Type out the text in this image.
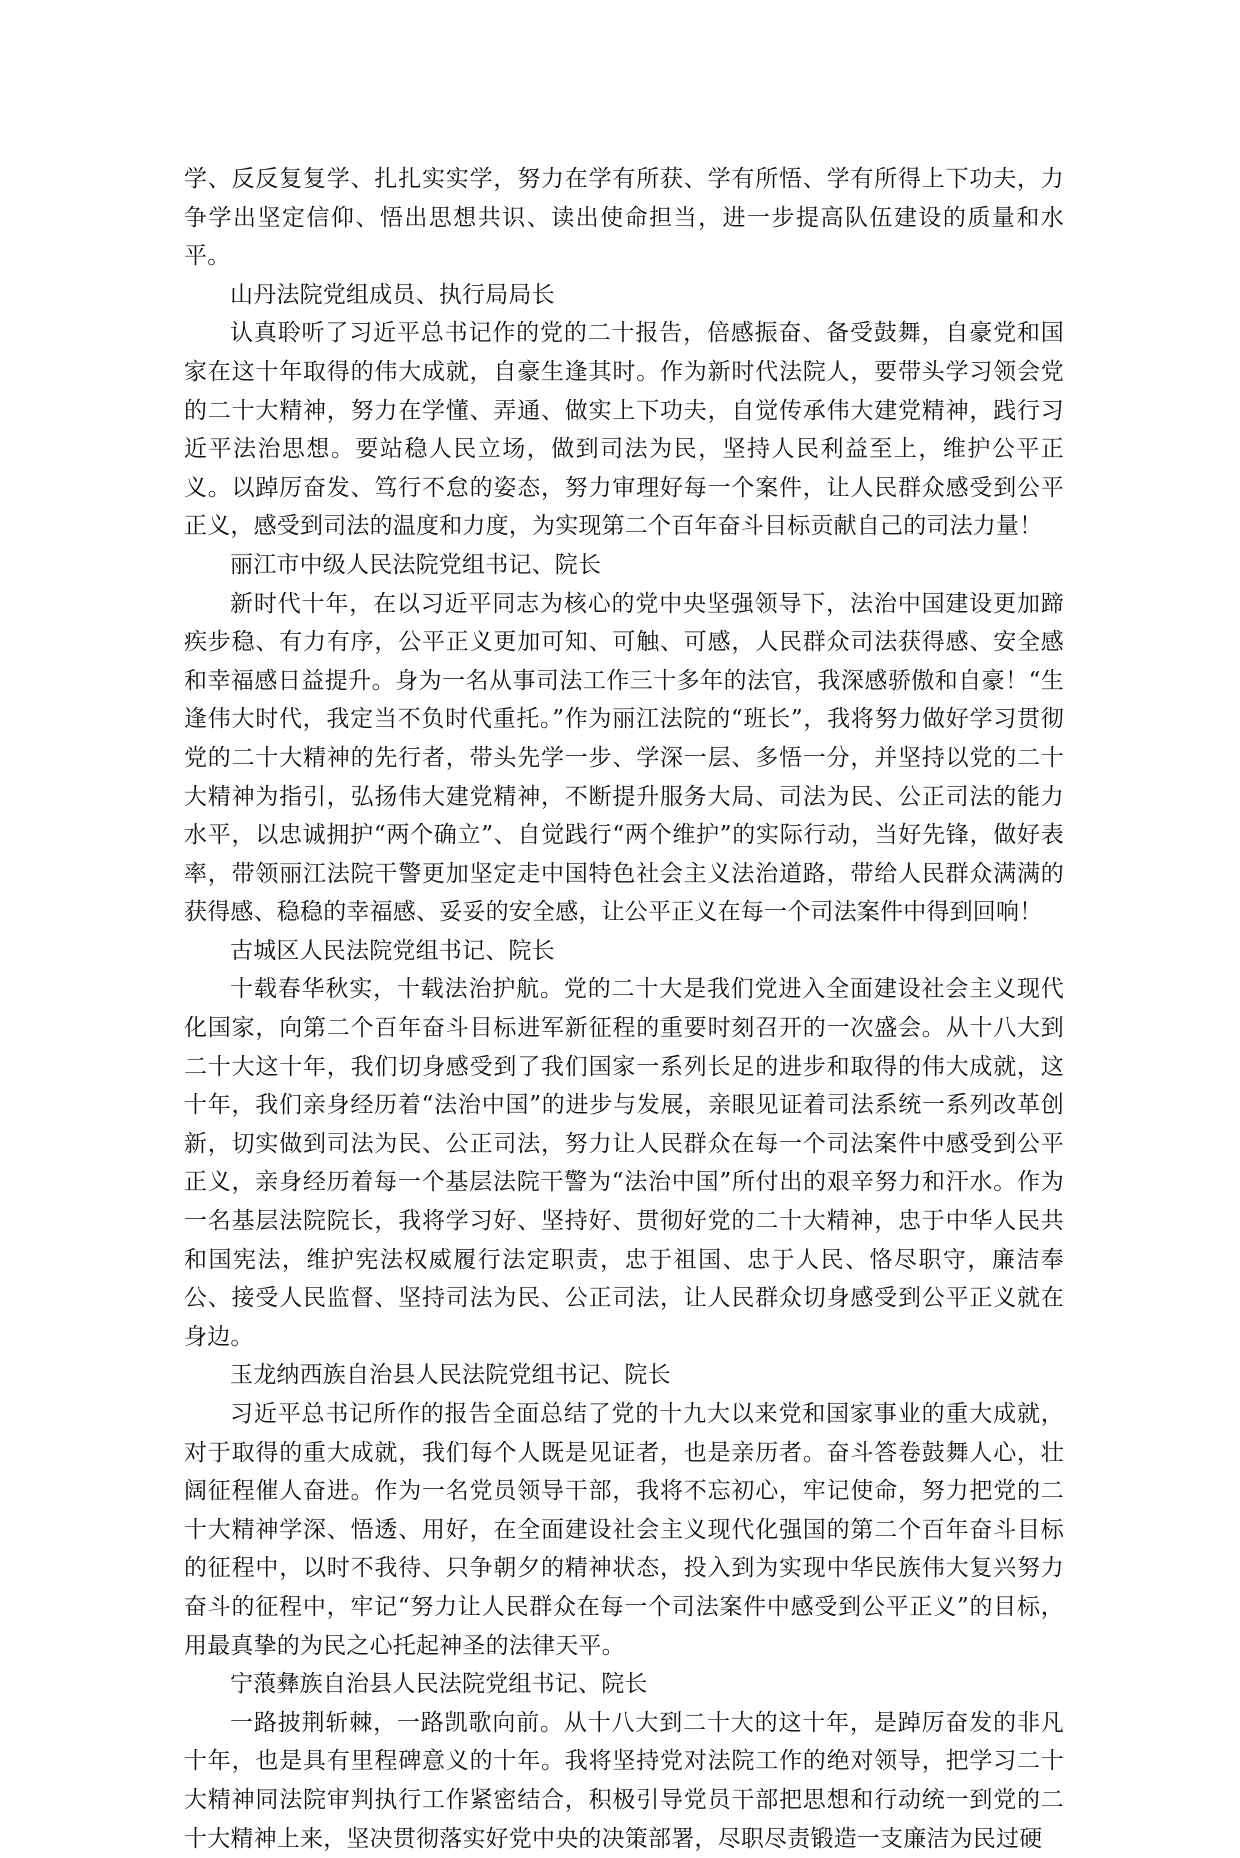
学、反反复复学、扎扎实实学，努力在学有所获、学有所悟、学有所得上下功夫，力争学出坚定信仰、悟出思想共识、读出使命担当，进一步提高队伍建设的质量和水平。

山丹法院党组成员、执行局局长

认真聆听了习近平总书记作的党的二十报告，倍感振奋、备受鼓舞，自豪党和国家在这十年取得的伟大成就，自豪生逢其时。作为新时代法院人，要带头学习领会党的二十大精神，努力在学懂、弄通、做实上下功夫，自觉传承伟大建党精神，践行习近平法治思想。要站稳人民立场，做到司法为民，坚持人民利益至上，维护公平正义。以踔厉奋发、笃行不怠的姿态，努力审理好每一个案件，让人民群众感受到公平正义，感受到司法的温度和力度，为实现第二个百年奋斗目标贡献自己的司法力量！

丽江市中级人民法院党组书记、院长

新时代十年，在以习近平同志为核心的党中央坚强领导下，法治中国建设更加蹄疾步稳、有力有序，公平正义更加可知、可触、可感，人民群众司法获得感、安全感和幸福感日益提升。身为一名从事司法工作三十多年的法官，我深感骄傲和自豪！“生逢伟大时代，我定当不负时代重托。”作为丽江法院的“班长”，我将努力做好学习贯彻党的二十大精神的先行者，带头先学一步、学深一层、多悟一分，并坚持以党的二十大精神为指引，弘扬伟大建党精神，不断提升服务大局、司法为民、公正司法的能力水平，以忠诚拥护“两个确立”、自觉践行“两个维护”的实际行动，当好先锋，做好表率，带领丽江法院干警更加坚定走中国特色社会主义法治道路，带给人民群众满满的获得感、稳稳的幸福感、妥妥的安全感，让公平正义在每一个司法案件中得到回响！

古城区人民法院党组书记、院长

十载春华秋实，十载法治护航。党的二十大是我们党进入全面建设社会主义现代化国家，向第二个百年奋斗目标进军新征程的重要时刻召开的一次盛会。从十八大到二十大这十年，我们切身感受到了我们国家一系列长足的进步和取得的伟大成就，这十年，我们亲身经历着“法治中国”的进步与发展，亲眼见证着司法系统一系列改革创新，切实做到司法为民、公正司法，努力让人民群众在每一个司法案件中感受到公平正义，亲身经历着每一个基层法院干警为“法治中国”所付出的艰辛努力和汗水。作为一名基层法院院长，我将学习好、坚持好、贯彻好党的二十大精神，忠于中华人民共和国宪法，维护宪法权威履行法定职责，忠于祖国、忠于人民、恪尽职守，廉洁奉公、接受人民监督、坚持司法为民、公正司法，让人民群众切身感受到公平正义就在身边。

玉龙纳西族自治县人民法院党组书记、院长

习近平总书记所作的报告全面总结了党的十九大以来党和国家事业的重大成就，对于取得的重大成就，我们每个人既是见证者，也是亲历者。奋斗答卷鼓舞人心，壮阔征程催人奋进。作为一名党员领导干部，我将不忘初心，牢记使命，努力把党的二十大精神学深、悟透、用好，在全面建设社会主义现代化强国的第二个百年奋斗目标的征程中，以时不我待、只争朝夕的精神状态，投入到为实现中华民族伟大复兴努力奋斗的征程中，牢记“努力让人民群众在每一个司法案件中感受到公平正义”的目标，用最真挚的为民之心托起神圣的法律天平。

宁蒗彝族自治县人民法院党组书记、院长

一路披荆斩棘，一路凯歌向前。从十八大到二十大的这十年，是踔厉奋发的非凡十年，也是具有里程碑意义的十年。我将坚持党对法院工作的绝对领导，把学习二十大精神同法院审判执行工作紧密结合，积极引导党员干部把思想和行动统一到党的二十大精神上来，坚决贯彻落实好党中央的决策部署，尽职尽责锻造一支廉洁为民过硬
